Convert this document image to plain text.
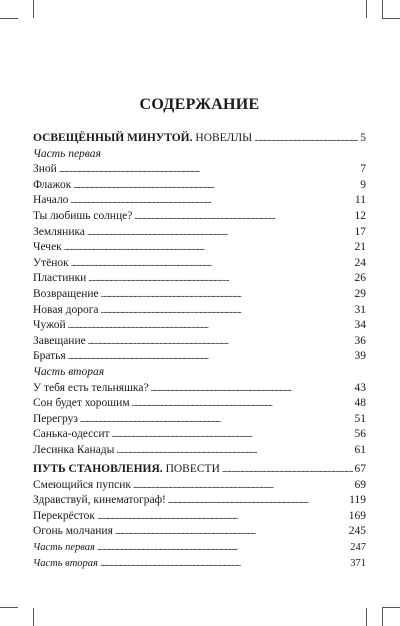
СОДЕРЖАНИЕ
ОСВЕЩЁННЫЙ МИНУТОЙ. НОВЕЛЛЫ . . .	5
Часть первая
Зной . . .	7
Флажок . . .	9
Начало . . .	11
Ты любишь солнце? . . .	12
Земляника . . .	17
Чечек . . .	21
Утёнок . . .	24
Пластинки . . .	26
Возвращение . . .	29
Новая дорога . . .	31
Чужой . . .	34
Завещание . . .	36
Братья . . .	39
Часть вторая
У тебя есть тельняшка? . . .	43
Сон будет хорошим . . .	48
Перегруз . . .	51
Санька-одессит . . .	56
Лесинка Канады . . .	61
ПУТЬ СТАНОВЛЕНИЯ. ПОВЕСТИ . . .	67
Смеющийся пупсик . . .	69
Здравствуй, кинематограф! . . .	119
Перекрёсток . . .	169
Огонь молчания . . .	245
Часть первая . . .	247
Часть вторая . . .	371
